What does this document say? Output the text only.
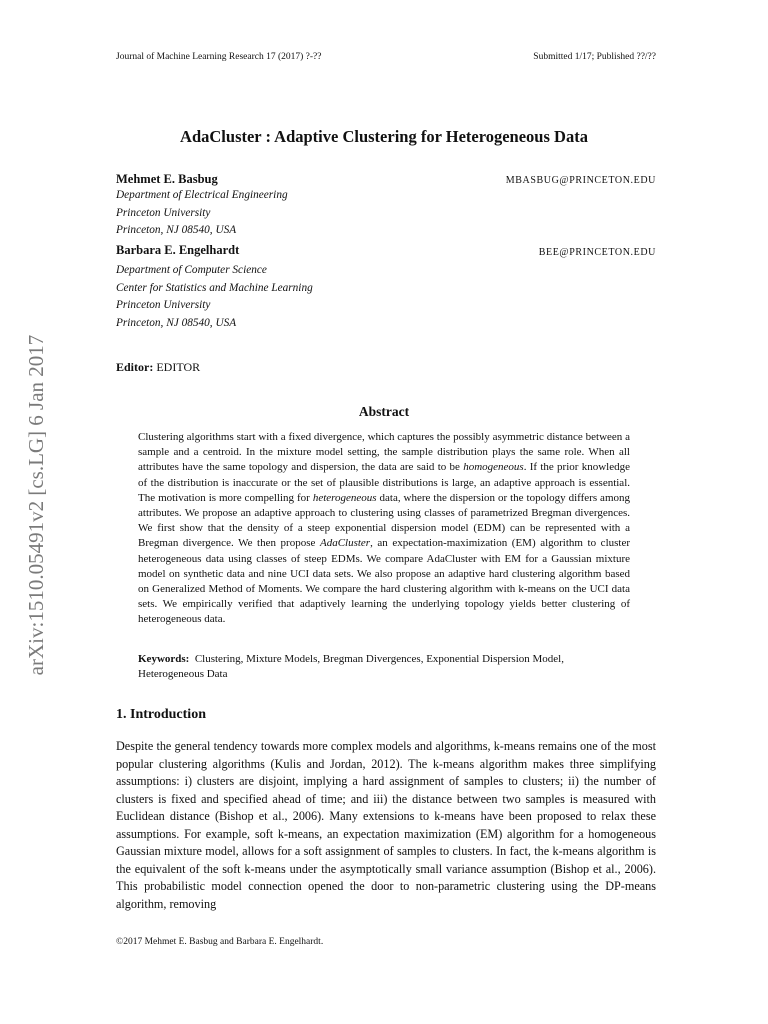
Journal of Machine Learning Research 17 (2017) ?-??	Submitted 1/17; Published ??/??
AdaCluster : Adaptive Clustering for Heterogeneous Data
Mehmet E. Basbug	MBASBUG@PRINCETON.EDU
Department of Electrical Engineering
Princeton University
Princeton, NJ 08540, USA
Barbara E. Engelhardt	BEE@PRINCETON.EDU
Department of Computer Science
Center for Statistics and Machine Learning
Princeton University
Princeton, NJ 08540, USA
Editor: EDITOR
Abstract
Clustering algorithms start with a fixed divergence, which captures the possibly asymmetric distance between a sample and a centroid. In the mixture model setting, the sample distribution plays the same role. When all attributes have the same topology and dispersion, the data are said to be homogeneous. If the prior knowledge of the distribution is inaccurate or the set of plausible distributions is large, an adaptive approach is essential. The motivation is more compelling for heterogeneous data, where the dispersion or the topology differs among attributes. We propose an adaptive approach to clustering using classes of parametrized Bregman divergences. We first show that the density of a steep exponential dispersion model (EDM) can be represented with a Bregman divergence. We then propose AdaCluster, an expectation-maximization (EM) algorithm to cluster heterogeneous data using classes of steep EDMs. We compare AdaCluster with EM for a Gaussian mixture model on synthetic data and nine UCI data sets. We also propose an adaptive hard clustering algorithm based on Generalized Method of Moments. We compare the hard clustering algorithm with k-means on the UCI data sets. We empirically verified that adaptively learning the underlying topology yields better clustering of heterogeneous data.
Keywords: Clustering, Mixture Models, Bregman Divergences, Exponential Dispersion Model, Heterogeneous Data
1. Introduction
Despite the general tendency towards more complex models and algorithms, k-means remains one of the most popular clustering algorithms (Kulis and Jordan, 2012). The k-means algorithm makes three simplifying assumptions: i) clusters are disjoint, implying a hard assignment of samples to clusters; ii) the number of clusters is fixed and specified ahead of time; and iii) the distance between two samples is measured with Euclidean distance (Bishop et al., 2006). Many extensions to k-means have been proposed to relax these assumptions. For example, soft k-means, an expectation maximization (EM) algorithm for a homogeneous Gaussian mixture model, allows for a soft assignment of samples to clusters. In fact, the k-means algorithm is the equivalent of the soft k-means under the asymptotically small variance assumption (Bishop et al., 2006). This probabilistic model connection opened the door to non-parametric clustering using the DP-means algorithm, removing
©2017 Mehmet E. Basbug and Barbara E. Engelhardt.
arXiv:1510.05491v2 [cs.LG] 6 Jan 2017
